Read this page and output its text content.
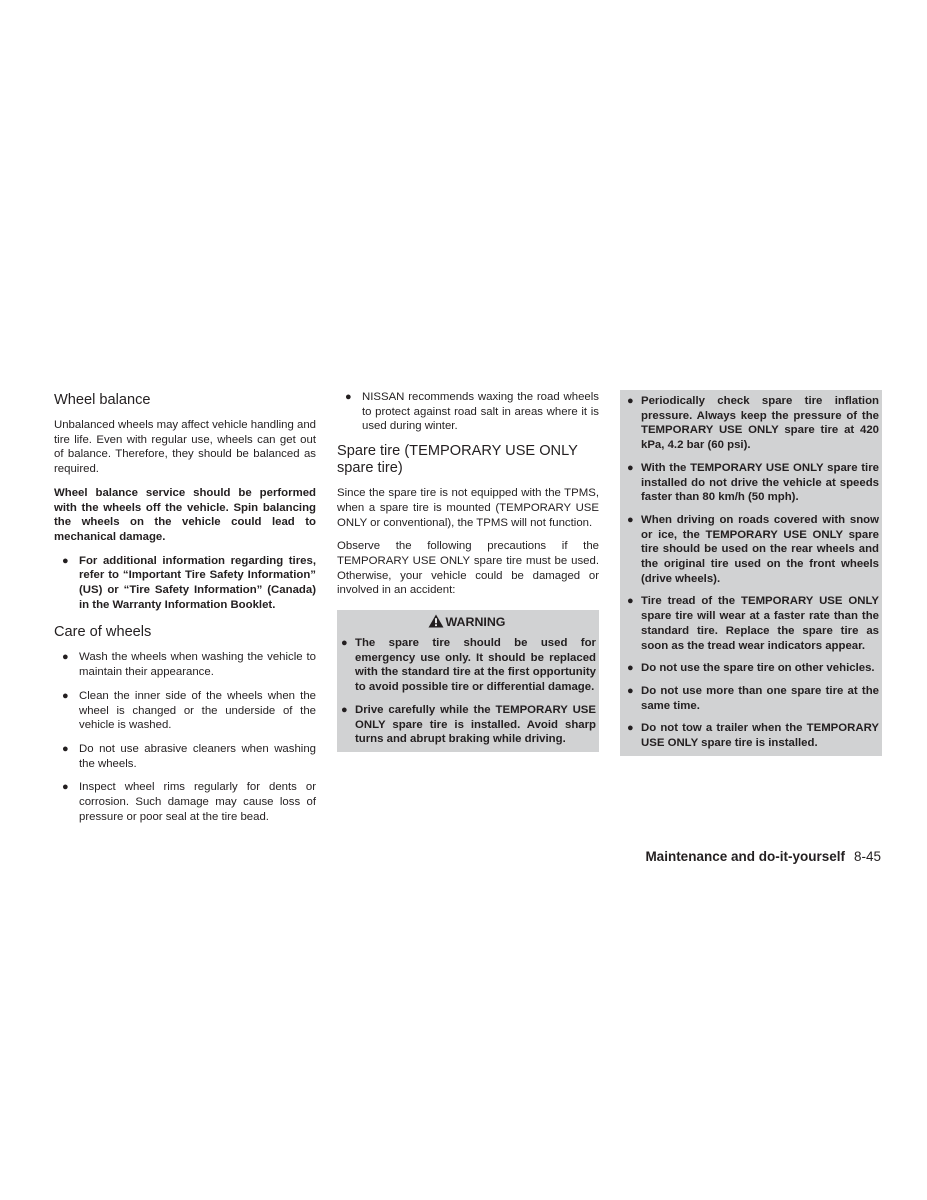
Wheel balance

Unbalanced wheels may affect vehicle handling and tire life. Even with regular use, wheels can get out of balance. Therefore, they should be balanced as required.

Wheel balance service should be performed with the wheels off the vehicle. Spin balancing the wheels on the vehicle could lead to mechanical damage.

● For additional information regarding tires, refer to “Important Tire Safety Information” (US) or “Tire Safety Information” (Canada) in the Warranty Information Booklet.
Care of wheels
● Wash the wheels when washing the vehicle to maintain their appearance.
● Clean the inner side of the wheels when the wheel is changed or the underside of the vehicle is washed.
● Do not use abrasive cleaners when washing the wheels.
● Inspect wheel rims regularly for dents or corrosion. Such damage may cause loss of pressure or poor seal at the tire bead.
● NISSAN recommends waxing the road wheels to protect against road salt in areas where it is used during winter.
Spare tire (TEMPORARY USE ONLY spare tire)

Since the spare tire is not equipped with the TPMS, when a spare tire is mounted (TEMPORARY USE ONLY or conventional), the TPMS will not function.

Observe the following precautions if the TEMPORARY USE ONLY spare tire must be used. Otherwise, your vehicle could be damaged or involved in an accident:

WARNING
● The spare tire should be used for emergency use only. It should be replaced with the standard tire at the first opportunity to avoid possible tire or differential damage.
● Drive carefully while the TEMPORARY USE ONLY spare tire is installed. Avoid sharp turns and abrupt braking while driving.
● Periodically check spare tire inflation pressure. Always keep the pressure of the TEMPORARY USE ONLY spare tire at 420 kPa, 4.2 bar (60 psi).
● With the TEMPORARY USE ONLY spare tire installed do not drive the vehicle at speeds faster than 80 km/h (50 mph).
● When driving on roads covered with snow or ice, the TEMPORARY USE ONLY spare tire should be used on the rear wheels and the original tire used on the front wheels (drive wheels).
● Tire tread of the TEMPORARY USE ONLY spare tire will wear at a faster rate than the standard tire. Replace the spare tire as soon as the tread wear indicators appear.
● Do not use the spare tire on other vehicles.
● Do not use more than one spare tire at the same time.
● Do not tow a trailer when the TEMPORARY USE ONLY spare tire is installed.
Maintenance and do-it-yourself 8-45
